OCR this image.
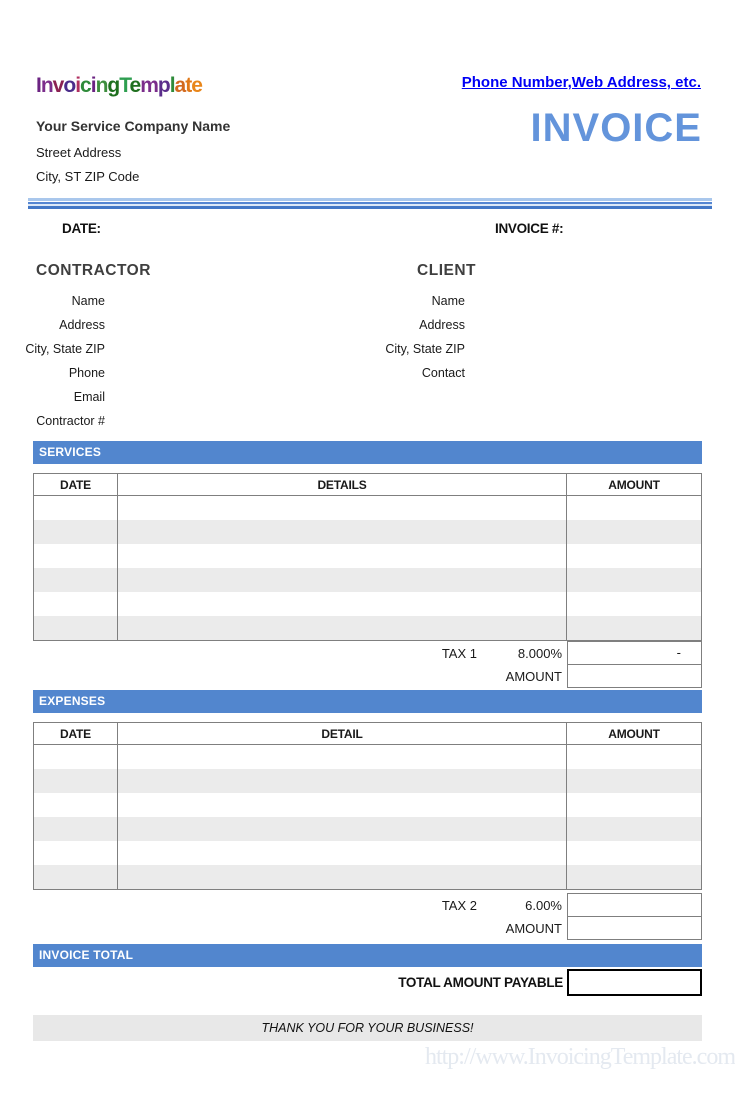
InvoicingTemplate	Phone Number,Web Address, etc.
Your Service Company Name
Street Address
City, ST ZIP Code
INVOICE
DATE:	INVOICE #:
CONTRACTOR	CLIENT
Name
Address
City, State ZIP
Phone
Email
Contractor #
Name
Address
City, State ZIP
Contact
SERVICES
DATE	DETAILS	AMOUNT
TAX 1	8.000%	-
AMOUNT
EXPENSES
DATE	DETAIL	AMOUNT
TAX 2	6.00%
AMOUNT
INVOICE TOTAL
TOTAL AMOUNT PAYABLE
THANK YOU FOR YOUR BUSINESS!
http://www.InvoicingTemplate.com
